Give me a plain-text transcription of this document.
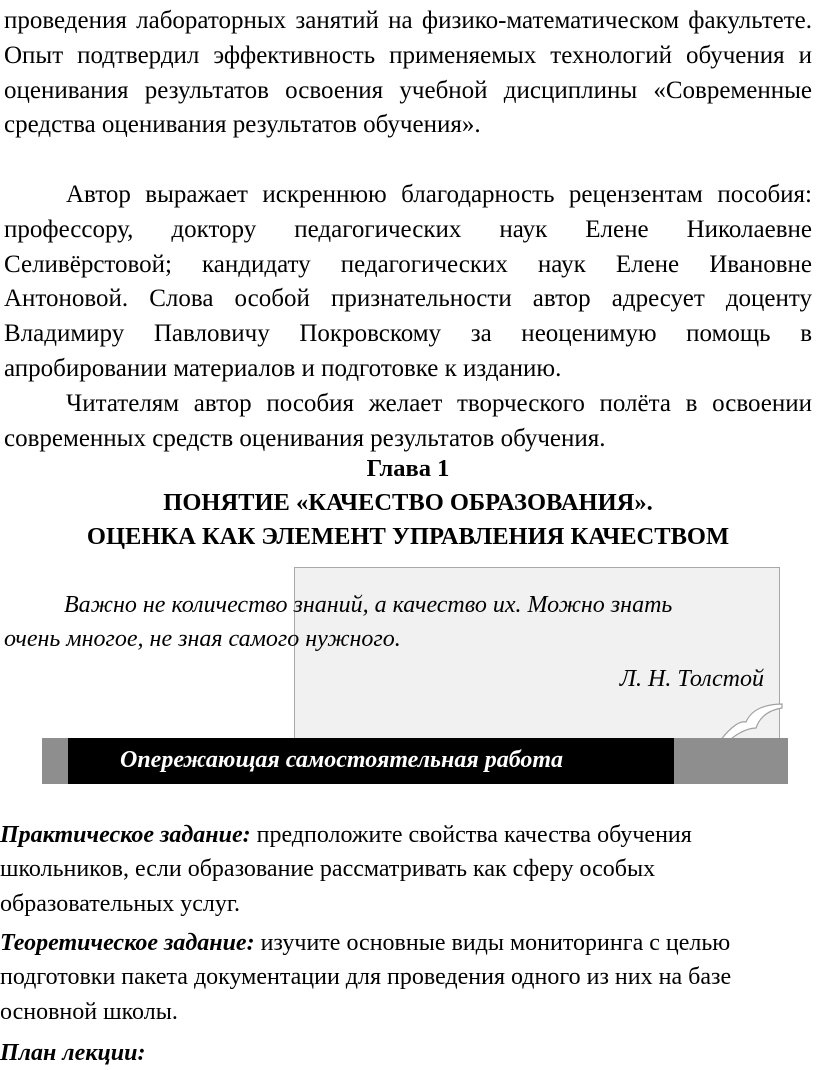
проведения лабораторных занятий на физико-математическом факультете. Опыт подтвердил эффективность применяемых технологий обучения и оценивания результатов освоения учебной дисциплины «Современные средства оценивания результатов обучения».

Автор выражает искреннюю благодарность рецензентам пособия: профессору, доктору педагогических наук Елене Николаевне Селивёрстовой; кандидату педагогических наук Елене Ивановне Антоновой. Слова особой признательности автор адресует доценту Владимиру Павловичу Покровскому за неоценимую помощь в апробировании материалов и подготовке к изданию.

Читателям автор пособия желает творческого полёта в освоении современных средств оценивания результатов обучения.

Глава 1

ПОНЯТИЕ «КАЧЕСТВО ОБРАЗОВАНИЯ».

ОЦЕНКА КАК ЭЛЕМЕНТ УПРАВЛЕНИЯ КАЧЕСТВОМ

Важно не количество знаний, а качество их. Можно знать

очень многое, не зная самого нужного.

Л. Н. Толстой

Опережающая самостоятельная работа

Практическое задание: предположите свойства качества обучения школьников, если образование рассматривать как сферу особых образовательных услуг.

Теоретическое задание: изучите основные виды мониторинга с целью подготовки пакета документации для проведения одного из них на базе основной школы.

План лекции:
